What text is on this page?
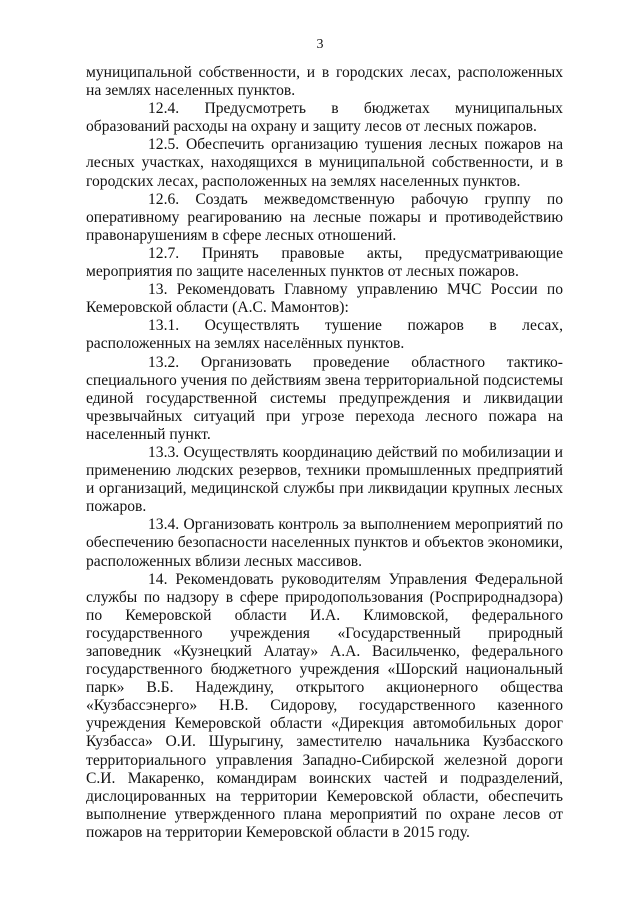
3

муниципальной собственности, и в городских лесах, расположенных на землях населенных пунктов.

12.4. Предусмотреть в бюджетах муниципальных образований расходы на охрану и защиту лесов от лесных пожаров.

12.5. Обеспечить организацию тушения лесных пожаров на лесных участках, находящихся в муниципальной собственности, и в городских лесах, расположенных на землях населенных пунктов.

12.6. Создать межведомственную рабочую группу по оперативному реагированию на лесные пожары и противодействию правонарушениям в сфере лесных отношений.

12.7. Принять правовые акты, предусматривающие мероприятия по защите населенных пунктов от лесных пожаров.

13. Рекомендовать Главному управлению МЧС России по Кемеровской области (А.С. Мамонтов):

13.1. Осуществлять тушение пожаров в лесах, расположенных на землях населённых пунктов.

13.2. Организовать проведение областного тактико-специального учения по действиям звена территориальной подсистемы единой государственной системы предупреждения и ликвидации чрезвычайных ситуаций при угрозе перехода лесного пожара на населенный пункт.

13.3. Осуществлять координацию действий по мобилизации и применению людских резервов, техники промышленных предприятий и организаций, медицинской службы при ликвидации крупных лесных пожаров.

13.4. Организовать контроль за выполнением мероприятий по обеспечению безопасности населенных пунктов и объектов экономики, расположенных вблизи лесных массивов.

14. Рекомендовать руководителям Управления Федеральной службы по надзору в сфере природопользования (Росприроднадзора) по Кемеровской области И.А. Климовской, федерального государственного учреждения «Государственный природный заповедник «Кузнецкий Алатау» А.А. Васильченко, федерального государственного бюджетного учреждения «Шорский национальный парк» В.Б. Надеждину, открытого акционерного общества «Кузбассэнерго» Н.В. Сидорову, государственного казенного учреждения Кемеровской области «Дирекция автомобильных дорог Кузбасса» О.И. Шурыгину, заместителю начальника Кузбасского территориального управления Западно-Сибирской железной дороги С.И. Макаренко, командирам воинских частей и подразделений, дислоцированных на территории Кемеровской области, обеспечить выполнение утвержденного плана мероприятий по охране лесов от пожаров на территории Кемеровской области в 2015 году.
